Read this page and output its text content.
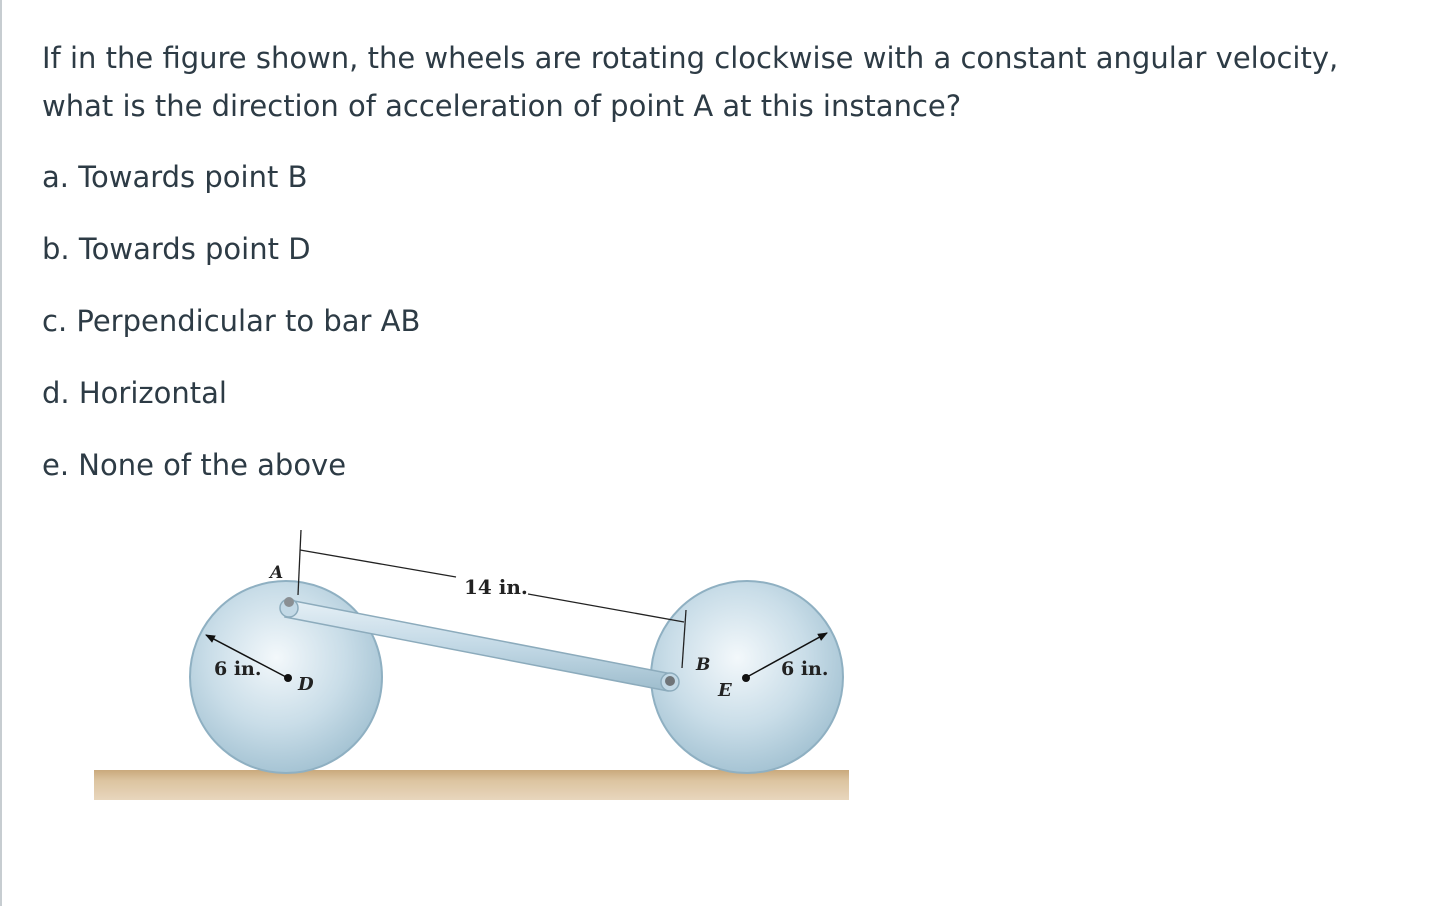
If in the figure shown, the wheels are rotating clockwise with a constant angular velocity, what is the direction of acceleration of point A at this instance?

a. Towards point B
b. Towards point D
c. Perpendicular to bar AB
d. Horizontal
e. None of the above
A
B
D	E
14 in.
6 in.	6 in.
